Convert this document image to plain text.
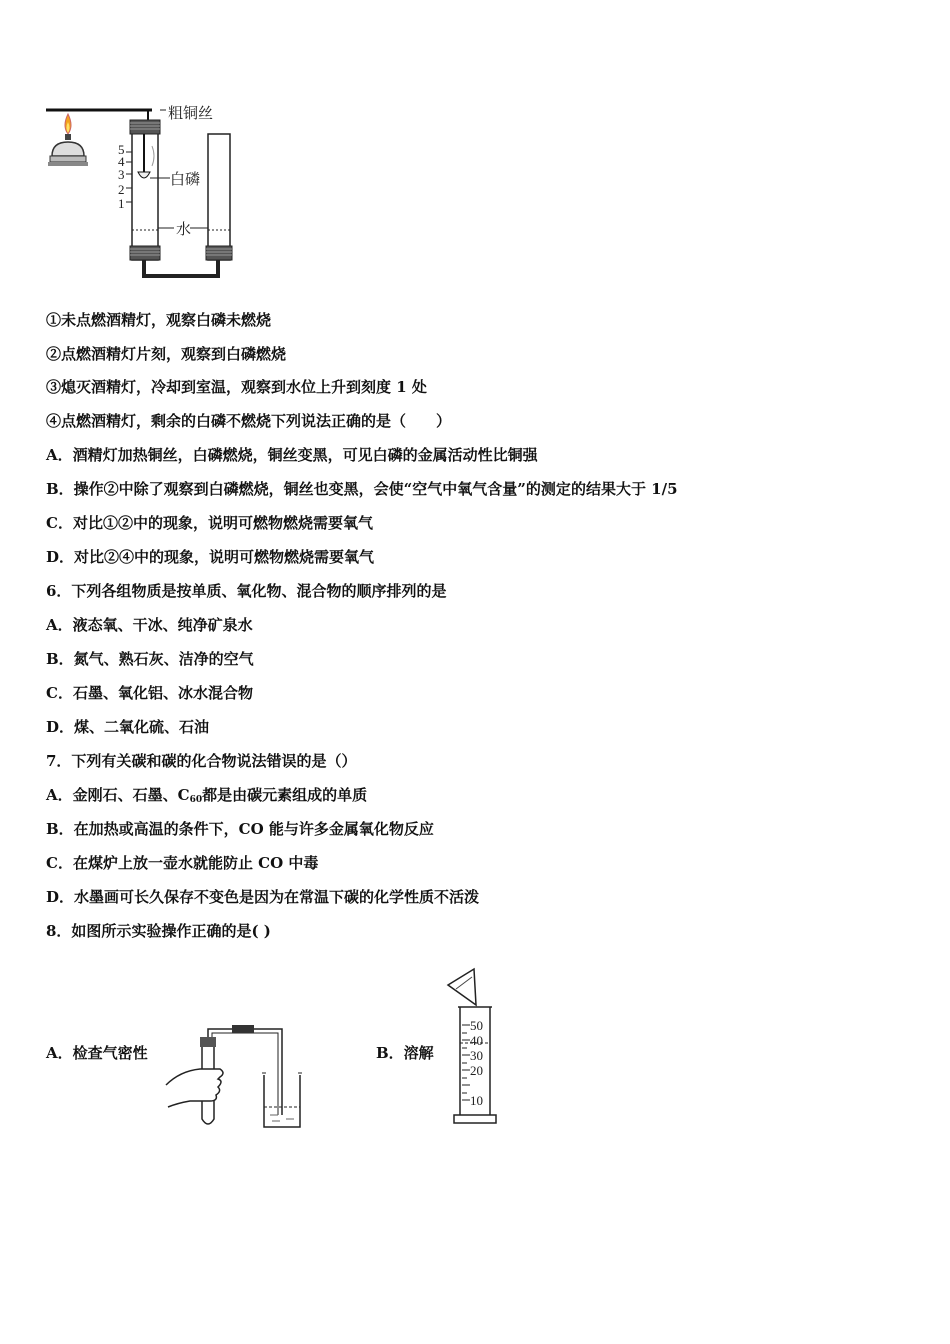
粗铜丝
白磷
水
5
4
3
2
1
①未点燃酒精灯，观察白磷未燃烧
②点燃酒精灯片刻，观察到白磷燃烧
③熄灭酒精灯，冷却到室温，观察到水位上升到刻度 1 处
④点燃酒精灯，剩余的白磷不燃烧下列说法正确的是（　　）
A．酒精灯加热铜丝，白磷燃烧，铜丝变黑，可见白磷的金属活动性比铜强
B．操作②中除了观察到白磷燃烧，铜丝也变黑，会使“空气中氧气含量”的测定的结果大于 1/5
C．对比①②中的现象，说明可燃物燃烧需要氧气
D．对比②④中的现象，说明可燃物燃烧需要氧气
6．下列各组物质是按单质、氧化物、混合物的顺序排列的是
A．液态氧、干冰、纯净矿泉水
B．氮气、熟石灰、洁净的空气
C．石墨、氧化铝、冰水混合物
D．煤、二氧化硫、石油
7．下列有关碳和碳的化合物说法错误的是（）
A．金刚石、石墨、$C_{60}$都是由碳元素组成的单质
B．在加热或高温的条件下，CO 能与许多金属氧化物反应
C．在煤炉上放一壶水就能防止 CO 中毒
D．水墨画可长久保存不变色是因为在常温下碳的化学性质不活泼
8．如图所示实验操作正确的是( )
A．检查气密性	B．溶解
50
40
30
20
10
